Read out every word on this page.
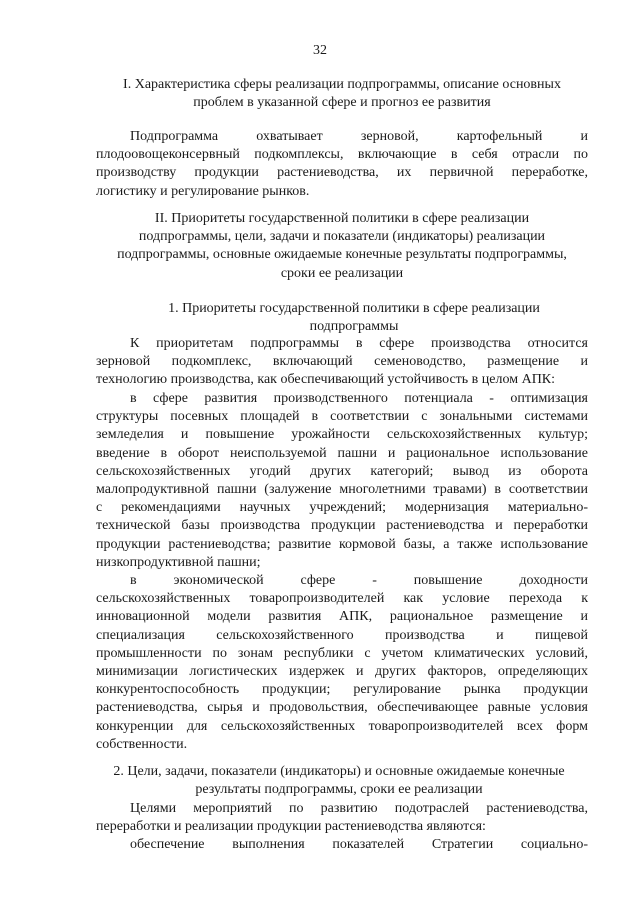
32

I. Характеристика сферы реализации подпрограммы, описание основных

проблем в указанной сфере и прогноз ее развития

Подпрограмма охватывает зерновой, картофельный и

плодоовощеконсервный подкомплексы, включающие в себя отрасли по

производству продукции растениеводства, их первичной переработке,

логистику и регулирование рынков.

II. Приоритеты государственной политики в сфере реализации

подпрограммы, цели, задачи и показатели (индикаторы) реализации

подпрограммы, основные ожидаемые конечные результаты подпрограммы,

сроки ее реализации

1. Приоритеты государственной политики в сфере реализации

подпрограммы

К приоритетам подпрограммы в сфере производства относится

зерновой подкомплекс, включающий семеноводство, размещение и

технологию производства, как обеспечивающий устойчивость в целом АПК:

в сфере развития производственного потенциала - оптимизация

структуры посевных площадей в соответствии с зональными системами

земледелия и повышение урожайности сельскохозяйственных культур;

введение в оборот неиспользуемой пашни и рациональное использование

сельскохозяйственных угодий других категорий; вывод из оборота

малопродуктивной пашни (залужение многолетними травами) в соответствии

с рекомендациями научных учреждений; модернизация материально-

технической базы производства продукции растениеводства и переработки

продукции растениеводства; развитие кормовой базы, а также использование

низкопродуктивной пашни;

в экономической сфере - повышение доходности

сельскохозяйственных товаропроизводителей как условие перехода к

инновационной модели развития АПК, рациональное размещение и

специализация сельскохозяйственного производства и пищевой

промышленности по зонам республики с учетом климатических условий,

минимизации логистических издержек и других факторов, определяющих

конкурентоспособность продукции; регулирование рынка продукции

растениеводства, сырья и продовольствия, обеспечивающее равные условия

конкуренции для сельскохозяйственных товаропроизводителей всех форм

собственности.

2. Цели, задачи, показатели (индикаторы) и основные ожидаемые конечные

результаты подпрограммы, сроки ее реализации

Целями мероприятий по развитию подотраслей растениеводства,

переработки и реализации продукции растениеводства являются:

обеспечение выполнения показателей Стратегии социально-
